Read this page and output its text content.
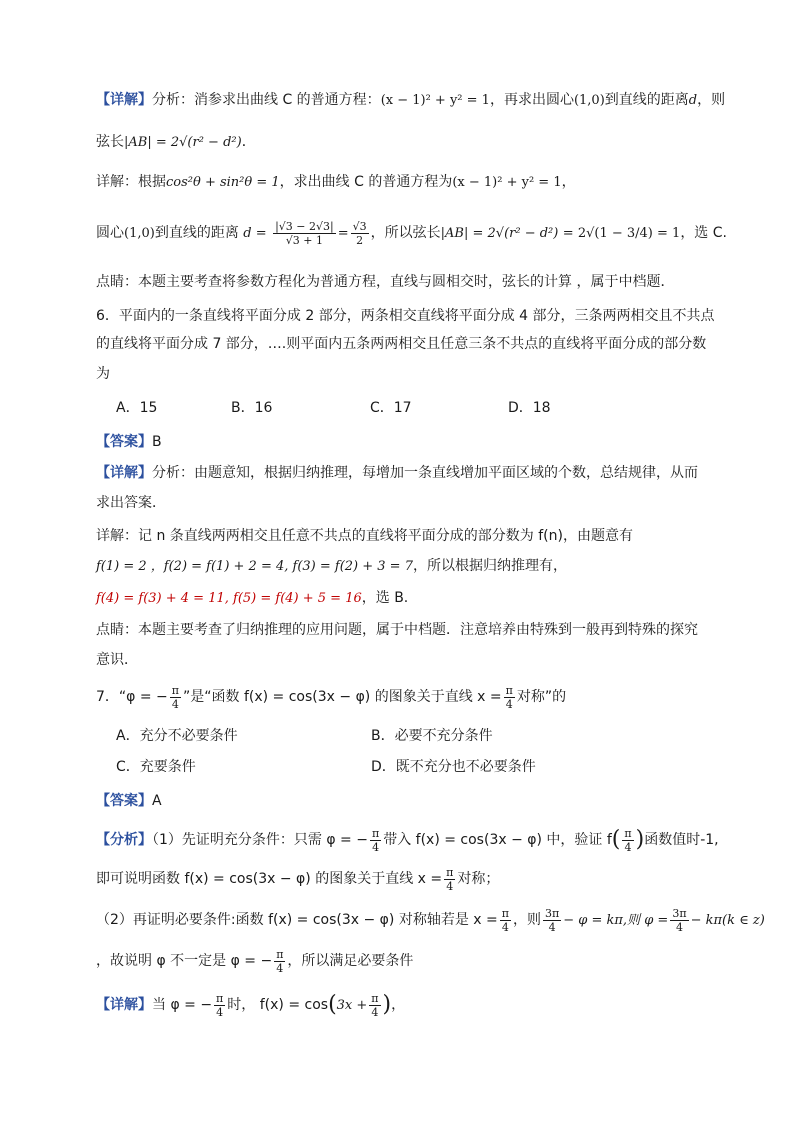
【详解】分析：消参求出曲线 C 的普通方程：(x − 1)² + y² = 1，再求出圆心(1,0)到直线的距离d，则
弦长|AB| = 2√(r² − d²)．
详解：根据cos²θ + sin²θ = 1，求出曲线 C 的普通方程为(x − 1)² + y² = 1，
圆心(1,0)到直线的距离 $d = \frac{|√3 - 2√3|}{√3 + 1} = \frac{√3}{2}$ ，所以弦长|AB| = 2√(r² − d²) = 2√(1 − 3/4) = 1，选 C.
点睛：本题主要考查将参数方程化为普通方程，直线与圆相交时，弦长的计算 ，属于中档题．
6．平面内的一条直线将平面分成 2 部分，两条相交直线将平面分成 4 部分，三条两两相交且不共点
的直线将平面分成 7 部分，….则平面内五条两两相交且任意三条不共点的直线将平面分成的部分数
为
A．15	B．16	C．17	D．18
【答案】B
【详解】分析：由题意知，根据归纳推理，每增加一条直线增加平面区域的个数，总结规律，从而
求出答案．
详解：记 n 条直线两两相交且任意不共点的直线将平面分成的部分数为 f(n)，由题意有
f(1) = 2 ，f(2) = f(1) + 2 = 4, f(3) = f(2) + 3 = 7，所以根据归纳推理有，
f(4) = f(3) + 4 = 11, f(5) = f(4) + 5 = 16，选 B.
点睛：本题主要考查了归纳推理的应用问题，属于中档题．注意培养由特殊到一般再到特殊的探究
意识．
7．“φ = − $\frac{\pi}{4}$ ”是“函数 f(x) = cos(3x − φ) 的图象关于直线 $x = \frac{\pi}{4}$ 对称”的
A．充分不必要条件	B．必要不充分条件
C．充要条件	D．既不充分也不必要条件
【答案】A
【分析】（1）先证明充分条件：只需 φ = − $\frac{\pi}{4}$ 带入 f(x) = cos(3x − φ) 中，验证 $f( \frac{\pi}{4}$ )函数值时-1,
即可说明函数 f(x) = cos(3x − φ) 的图象关于直线 $x = \frac{\pi}{4}$ 对称；
（2）再证明必要条件:函数 f(x) = cos(3x − φ) 对称轴若是 $x = \frac{\pi}{4}$ ，则 $\frac{3\pi}{4} - \varphi = k\pi$,则 $\varphi = \frac{3\pi}{4} - k\pi(k$ ∈ z)
，故说明 φ 不一定是 φ = − $\frac{\pi}{4}$ ，所以满足必要条件
【详解】当 φ = − $\frac{\pi}{4}$ 时， $f(x) = \cos(3x + \frac{\pi}{4}$ )，
